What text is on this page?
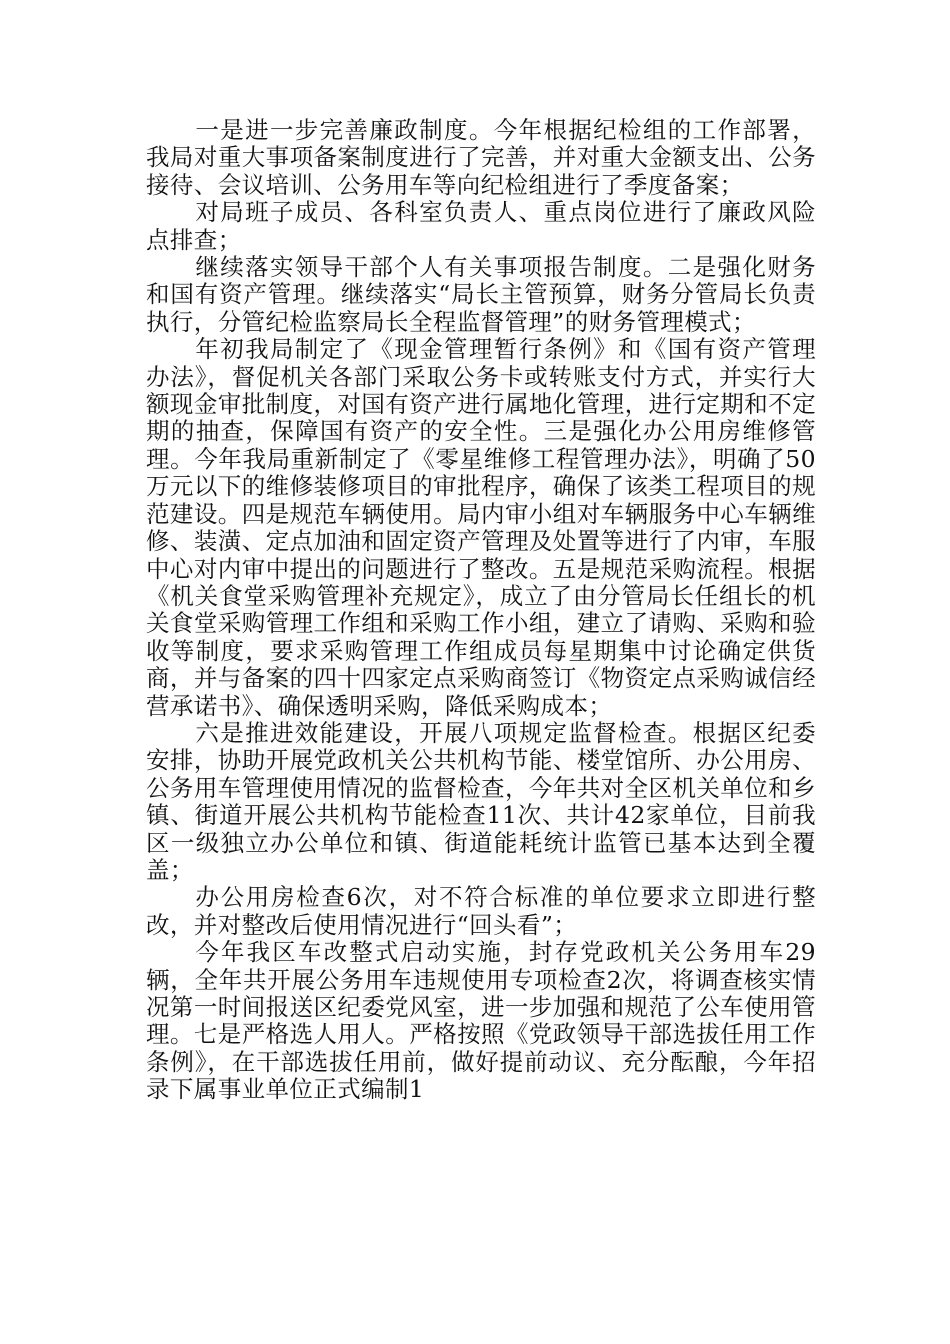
一是进一步完善廉政制度。今年根据纪检组的工作部署，我局对重大事项备案制度进行了完善，并对重大金额支出、公务接待、会议培训、公务用车等向纪检组进行了季度备案；

对局班子成员、各科室负责人、重点岗位进行了廉政风险点排查；

继续落实领导干部个人有关事项报告制度。二是强化财务和国有资产管理。继续落实“局长主管预算，财务分管局长负责执行，分管纪检监察局长全程监督管理”的财务管理模式；

年初我局制定了《现金管理暂行条例》和《国有资产管理办法》，督促机关各部门采取公务卡或转账支付方式，并实行大额现金审批制度，对国有资产进行属地化管理，进行定期和不定期的抽查，保障国有资产的安全性。三是强化办公用房维修管理。今年我局重新制定了《零星维修工程管理办法》，明确了50万元以下的维修装修项目的审批程序，确保了该类工程项目的规范建设。四是规范车辆使用。局内审小组对车辆服务中心车辆维修、装潢、定点加油和固定资产管理及处置等进行了内审，车服中心对内审中提出的问题进行了整改。五是规范采购流程。根据《机关食堂采购管理补充规定》，成立了由分管局长任组长的机关食堂采购管理工作组和采购工作小组，建立了请购、采购和验收等制度，要求采购管理工作组成员每星期集中讨论确定供货商，并与备案的四十四家定点采购商签订《物资定点采购诚信经营承诺书》、确保透明采购，降低采购成本；

六是推进效能建设，开展八项规定监督检查。根据区纪委安排，协助开展党政机关公共机构节能、楼堂馆所、办公用房、公务用车管理使用情况的监督检查，今年共对全区机关单位和乡镇、街道开展公共机构节能检查11次、共计42家单位，目前我区一级独立办公单位和镇、街道能耗统计监管已基本达到全覆盖；

办公用房检查6次，对不符合标准的单位要求立即进行整改，并对整改后使用情况进行“回头看”；

今年我区车改整式启动实施，封存党政机关公务用车29辆，全年共开展公务用车违规使用专项检查2次，将调查核实情况第一时间报送区纪委党风室，进一步加强和规范了公车使用管理。七是严格选人用人。严格按照《党政领导干部选拔任用工作条例》，在干部选拔任用前，做好提前动议、充分酝酿，今年招录下属事业单位正式编制1
